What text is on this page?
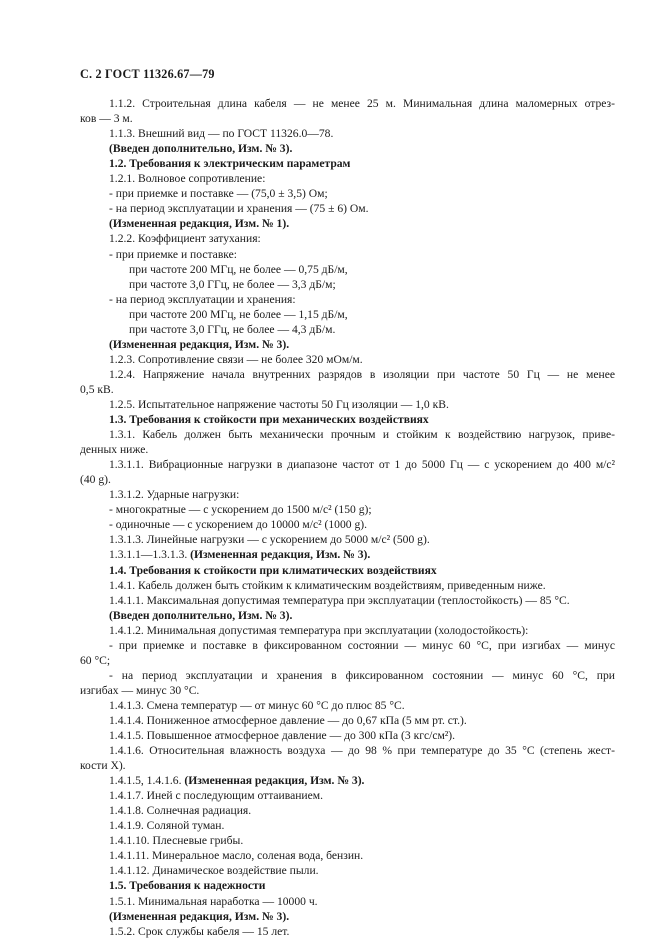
С. 2 ГОСТ 11326.67—79
1.1.2. Строительная длина кабеля — не менее 25 м. Минимальная длина маломерных отрез-
ков — 3 м.
1.1.3. Внешний вид — по ГОСТ 11326.0—78.
(Введен дополнительно, Изм. № 3).
1.2. Требования к электрическим параметрам
1.2.1. Волновое сопротивление:
- при приемке и поставке — (75,0 ± 3,5) Ом;
- на период эксплуатации и хранения — (75 ± 6) Ом.
(Измененная редакция, Изм. № 1).
1.2.2. Коэффициент затухания:
- при приемке и поставке:
при частоте 200 МГц, не более — 0,75 дБ/м,
при частоте 3,0 ГГц, не более — 3,3 дБ/м;
- на период эксплуатации и хранения:
при частоте 200 МГц, не более — 1,15 дБ/м,
при частоте 3,0 ГГц, не более — 4,3 дБ/м.
(Измененная редакция, Изм. № 3).
1.2.3. Сопротивление связи — не более 320 мОм/м.
1.2.4. Напряжение начала внутренних разрядов в изоляции при частоте 50 Гц — не менее
0,5 кВ.
1.2.5. Испытательное напряжение частоты 50 Гц изоляции — 1,0 кВ.
1.3. Требования к стойкости при механических воздействиях
1.3.1. Кабель должен быть механически прочным и стойким к воздействию нагрузок, приве-
денных ниже.
1.3.1.1. Вибрационные нагрузки в диапазоне частот от 1 до 5000 Гц — с ускорением до 400 м/с²
(40 g).
1.3.1.2. Ударные нагрузки:
- многократные — с ускорением до 1500 м/с² (150 g);
- одиночные — с ускорением до 10000 м/с² (1000 g).
1.3.1.3. Линейные нагрузки — с ускорением до 5000 м/с² (500 g).
1.3.1.1—1.3.1.3. (Измененная редакция, Изм. № 3).
1.4. Требования к стойкости при климатических воздействиях
1.4.1. Кабель должен быть стойким к климатическим воздействиям, приведенным ниже.
1.4.1.1. Максимальная допустимая температура при эксплуатации (теплостойкость) — 85 °С.
(Введен дополнительно, Изм. № 3).
1.4.1.2. Минимальная допустимая температура при эксплуатации (холодостойкость):
- при приемке и поставке в фиксированном состоянии — минус 60 °С, при изгибах — минус
60 °С;
- на период эксплуатации и хранения в фиксированном состоянии — минус 60 °С, при
изгибах — минус 30 °С.
1.4.1.3. Смена температур — от минус 60 °С до плюс 85 °С.
1.4.1.4. Пониженное атмосферное давление — до 0,67 кПа (5 мм рт. ст.).
1.4.1.5. Повышенное атмосферное давление — до 300 кПа (3 кгс/см²).
1.4.1.6. Относительная влажность воздуха — до 98 % при температуре до 35 °С (степень жест-
кости X).
1.4.1.5, 1.4.1.6. (Измененная редакция, Изм. № 3).
1.4.1.7. Иней с последующим оттаиванием.
1.4.1.8. Солнечная радиация.
1.4.1.9. Соляной туман.
1.4.1.10. Плесневые грибы.
1.4.1.11. Минеральное масло, соленая вода, бензин.
1.4.1.12. Динамическое воздействие пыли.
1.5. Требования к надежности
1.5.1. Минимальная наработка — 10000 ч.
(Измененная редакция, Изм. № 3).
1.5.2. Срок службы кабеля — 15 лет.
